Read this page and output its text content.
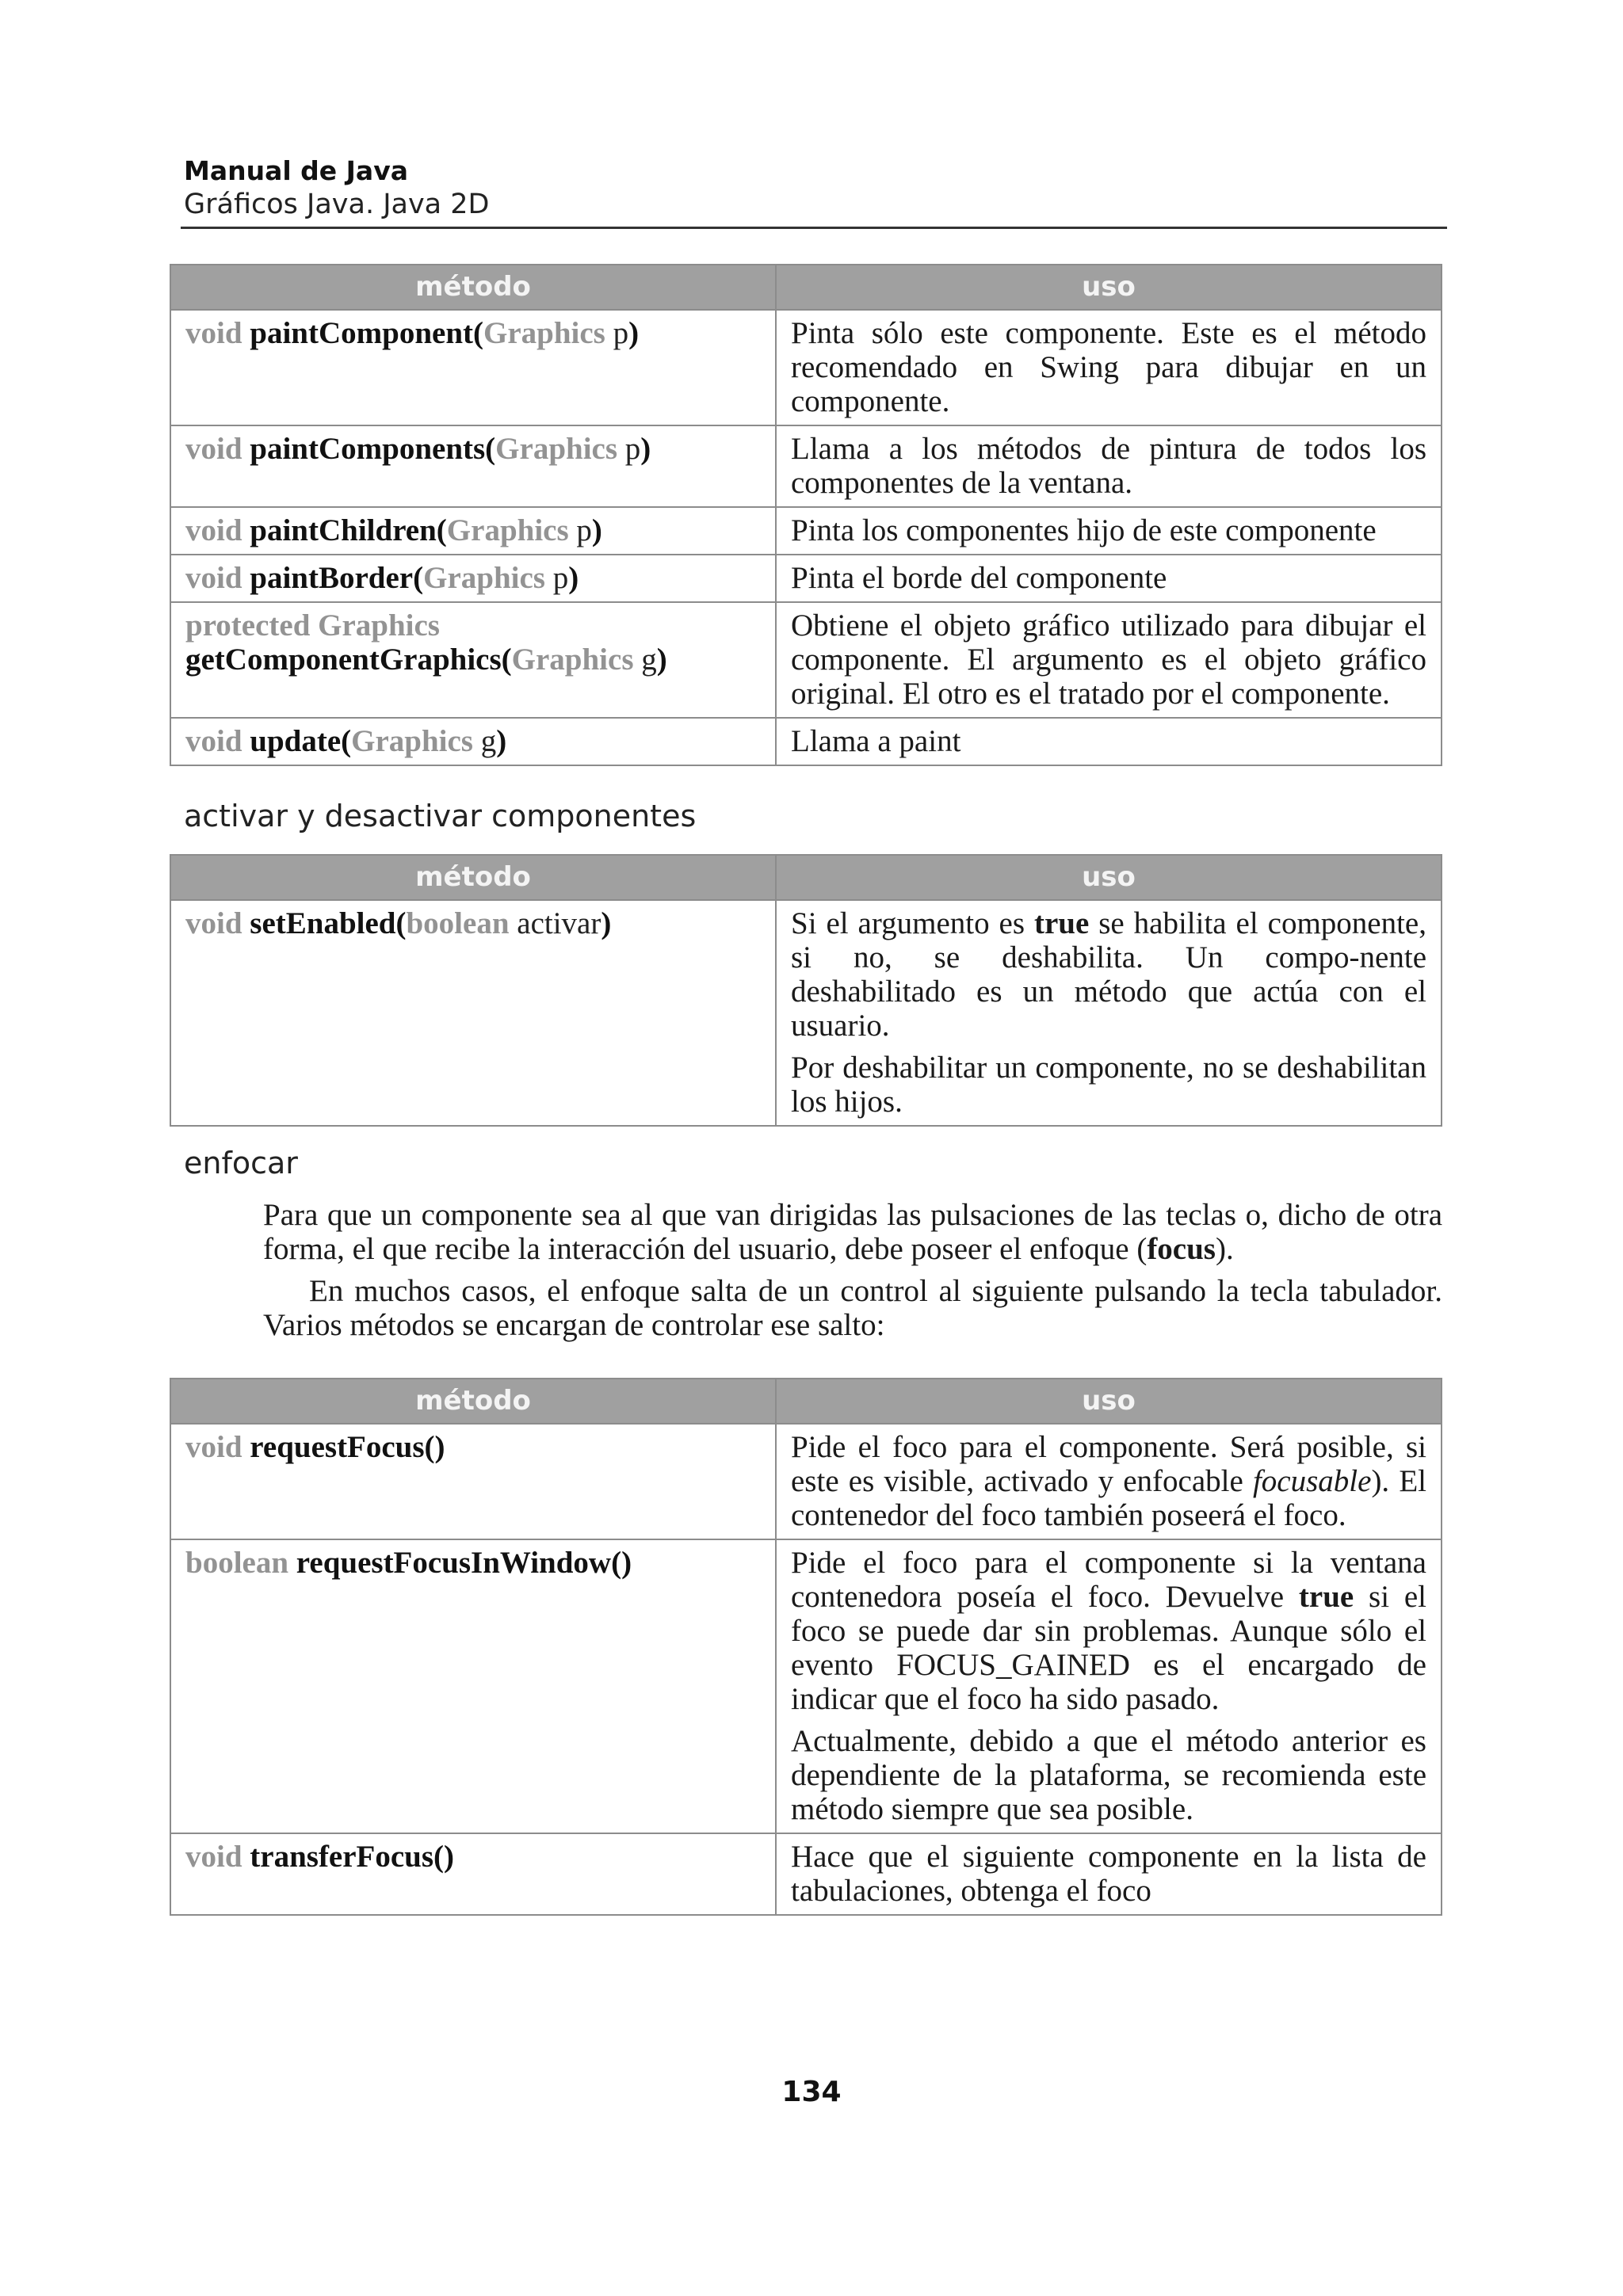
Manual de Java
Gráficos Java. Java 2D
método	uso
void paintComponent(Graphics p)	Pinta sólo este componente. Este es el método recomendado en Swing para dibujar en un componente.

void paintComponents(Graphics p)	Llama a los métodos de pintura de todos los componentes de la ventana.

void paintChildren(Graphics p)	Pinta los componentes hijo de este componente

void paintBorder(Graphics p)	Pinta el borde del componente

protected Graphics
getComponentGraphics(Graphics g)	Obtiene el objeto gráfico utilizado para dibujar el componente. El argumento es el objeto gráfico original. El otro es el tratado por el componente.

void update(Graphics g)	Llama a paint

activar y desactivar componentes
método	uso
void setEnabled(boolean activar)	Si el argumento es true se habilita el componente, si no, se deshabilita. Un compo-nente deshabilitado es un método que actúa con el usuario.

Por deshabilitar un componente, no se deshabilitan los hijos.

enfocar

Para que un componente sea al que van dirigidas las pulsaciones de las teclas o, dicho de otra forma, el que recibe la interacción del usuario, debe poseer el enfoque (focus).

En muchos casos, el enfoque salta de un control al siguiente pulsando la tecla tabulador. Varios métodos se encargan de controlar ese salto:

método	uso
void requestFocus()	Pide el foco para el componente. Será posible, si este es visible, activado y enfocable focusable). El contenedor del foco también poseerá el foco.

boolean requestFocusInWindow()	Pide el foco para el componente si la ventana contenedora poseía el foco. Devuelve true si el foco se puede dar sin problemas. Aunque sólo el evento FOCUS_GAINED es el encargado de indicar que el foco ha sido pasado.

Actualmente, debido a que el método anterior es dependiente de la plataforma, se recomienda este método siempre que sea posible.

void transferFocus()	Hace que el siguiente componente en la lista de tabulaciones, obtenga el foco

134
